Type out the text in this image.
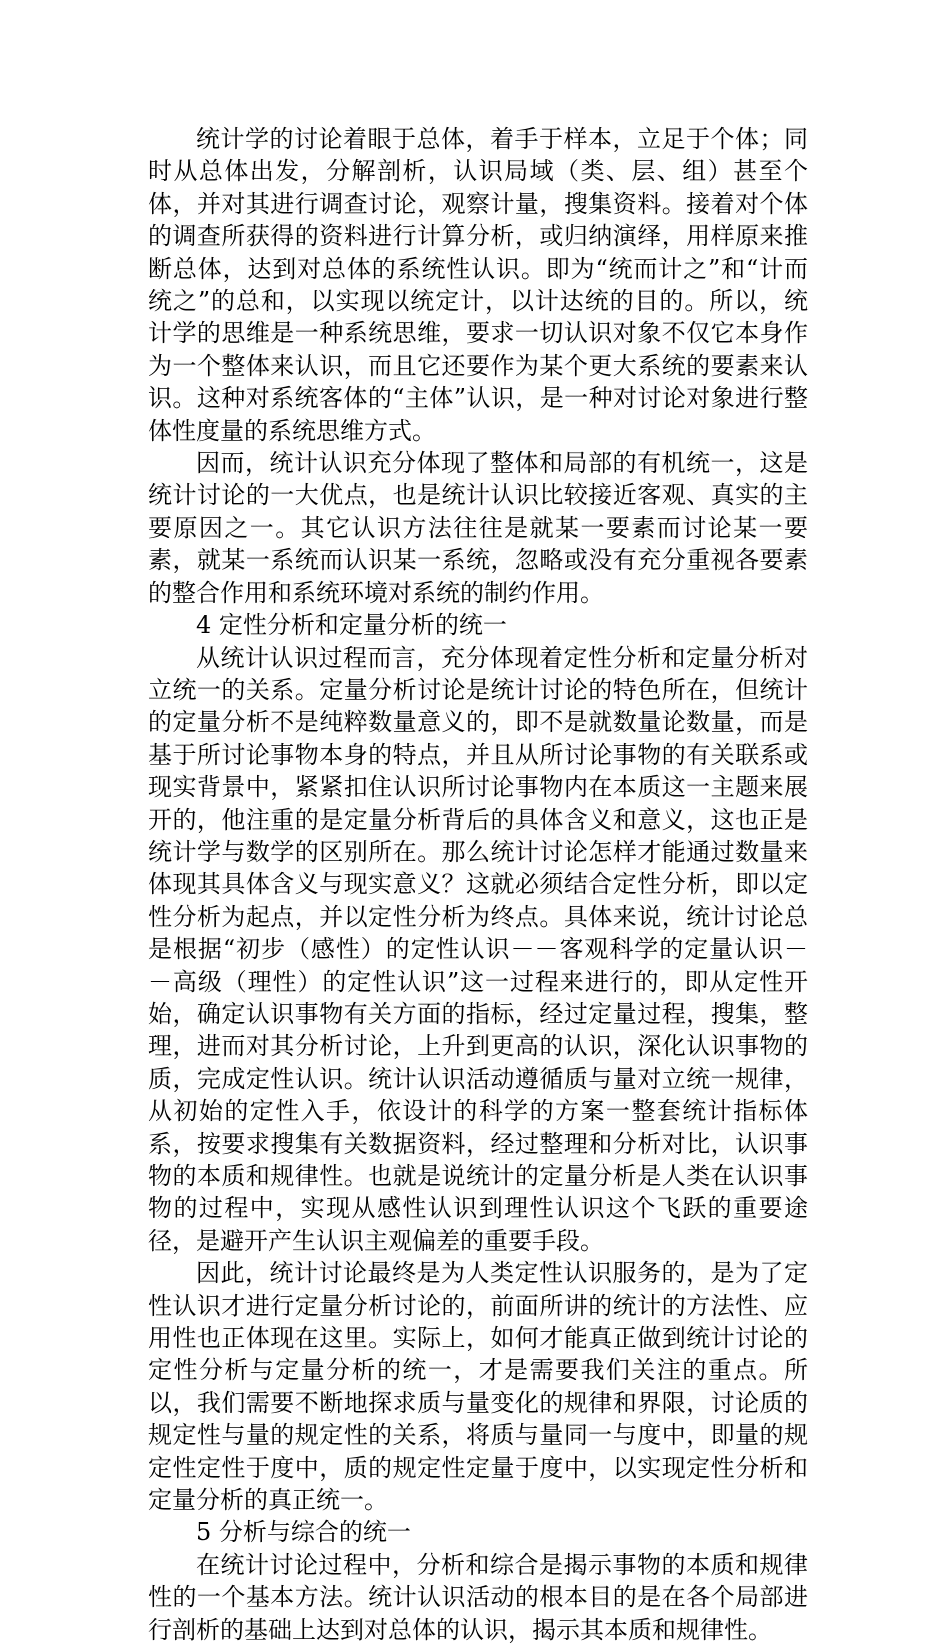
统计学的讨论着眼于总体，着手于样本，立足于个体；同时从总体出发，分解剖析，认识局域（类、层、组）甚至个体，并对其进行调查讨论，观察计量，搜集资料。接着对个体的调查所获得的资料进行计算分析，或归纳演绎，用样原来推断总体，达到对总体的系统性认识。即为“统而计之”和“计而统之”的总和，以实现以统定计，以计达统的目的。所以，统计学的思维是一种系统思维，要求一切认识对象不仅它本身作为一个整体来认识，而且它还要作为某个更大系统的要素来认识。这种对系统客体的“主体”认识，是一种对讨论对象进行整体性度量的系统思维方式。

因而，统计认识充分体现了整体和局部的有机统一，这是统计讨论的一大优点，也是统计认识比较接近客观、真实的主要原因之一。其它认识方法往往是就某一要素而讨论某一要素，就某一系统而认识某一系统，忽略或没有充分重视各要素的整合作用和系统环境对系统的制约作用。

4 定性分析和定量分析的统一

从统计认识过程而言，充分体现着定性分析和定量分析对立统一的关系。定量分析讨论是统计讨论的特色所在，但统计的定量分析不是纯粹数量意义的，即不是就数量论数量，而是基于所讨论事物本身的特点，并且从所讨论事物的有关联系或现实背景中，紧紧扣住认识所讨论事物内在本质这一主题来展开的，他注重的是定量分析背后的具体含义和意义，这也正是统计学与数学的区别所在。那么统计讨论怎样才能通过数量来体现其具体含义与现实意义？这就必须结合定性分析，即以定性分析为起点，并以定性分析为终点。具体来说，统计讨论总是根据“初步（感性）的定性认识－－客观科学的定量认识－－高级（理性）的定性认识”这一过程来进行的，即从定性开始，确定认识事物有关方面的指标，经过定量过程，搜集，整理，进而对其分析讨论，上升到更高的认识，深化认识事物的质，完成定性认识。统计认识活动遵循质与量对立统一规律，从初始的定性入手，依设计的科学的方案一整套统计指标体系，按要求搜集有关数据资料，经过整理和分析对比，认识事物的本质和规律性。也就是说统计的定量分析是人类在认识事物的过程中，实现从感性认识到理性认识这个飞跃的重要途径，是避开产生认识主观偏差的重要手段。

因此，统计讨论最终是为人类定性认识服务的，是为了定性认识才进行定量分析讨论的，前面所讲的统计的方法性、应用性也正体现在这里。实际上，如何才能真正做到统计讨论的定性分析与定量分析的统一，才是需要我们关注的重点。所以，我们需要不断地探求质与量变化的规律和界限，讨论质的规定性与量的规定性的关系，将质与量同一与度中，即量的规定性定性于度中，质的规定性定量于度中，以实现定性分析和定量分析的真正统一。

5 分析与综合的统一

在统计讨论过程中，分析和综合是揭示事物的本质和规律性的一个基本方法。统计认识活动的根本目的是在各个局部进行剖析的基础上达到对总体的认识，揭示其本质和规律性。
